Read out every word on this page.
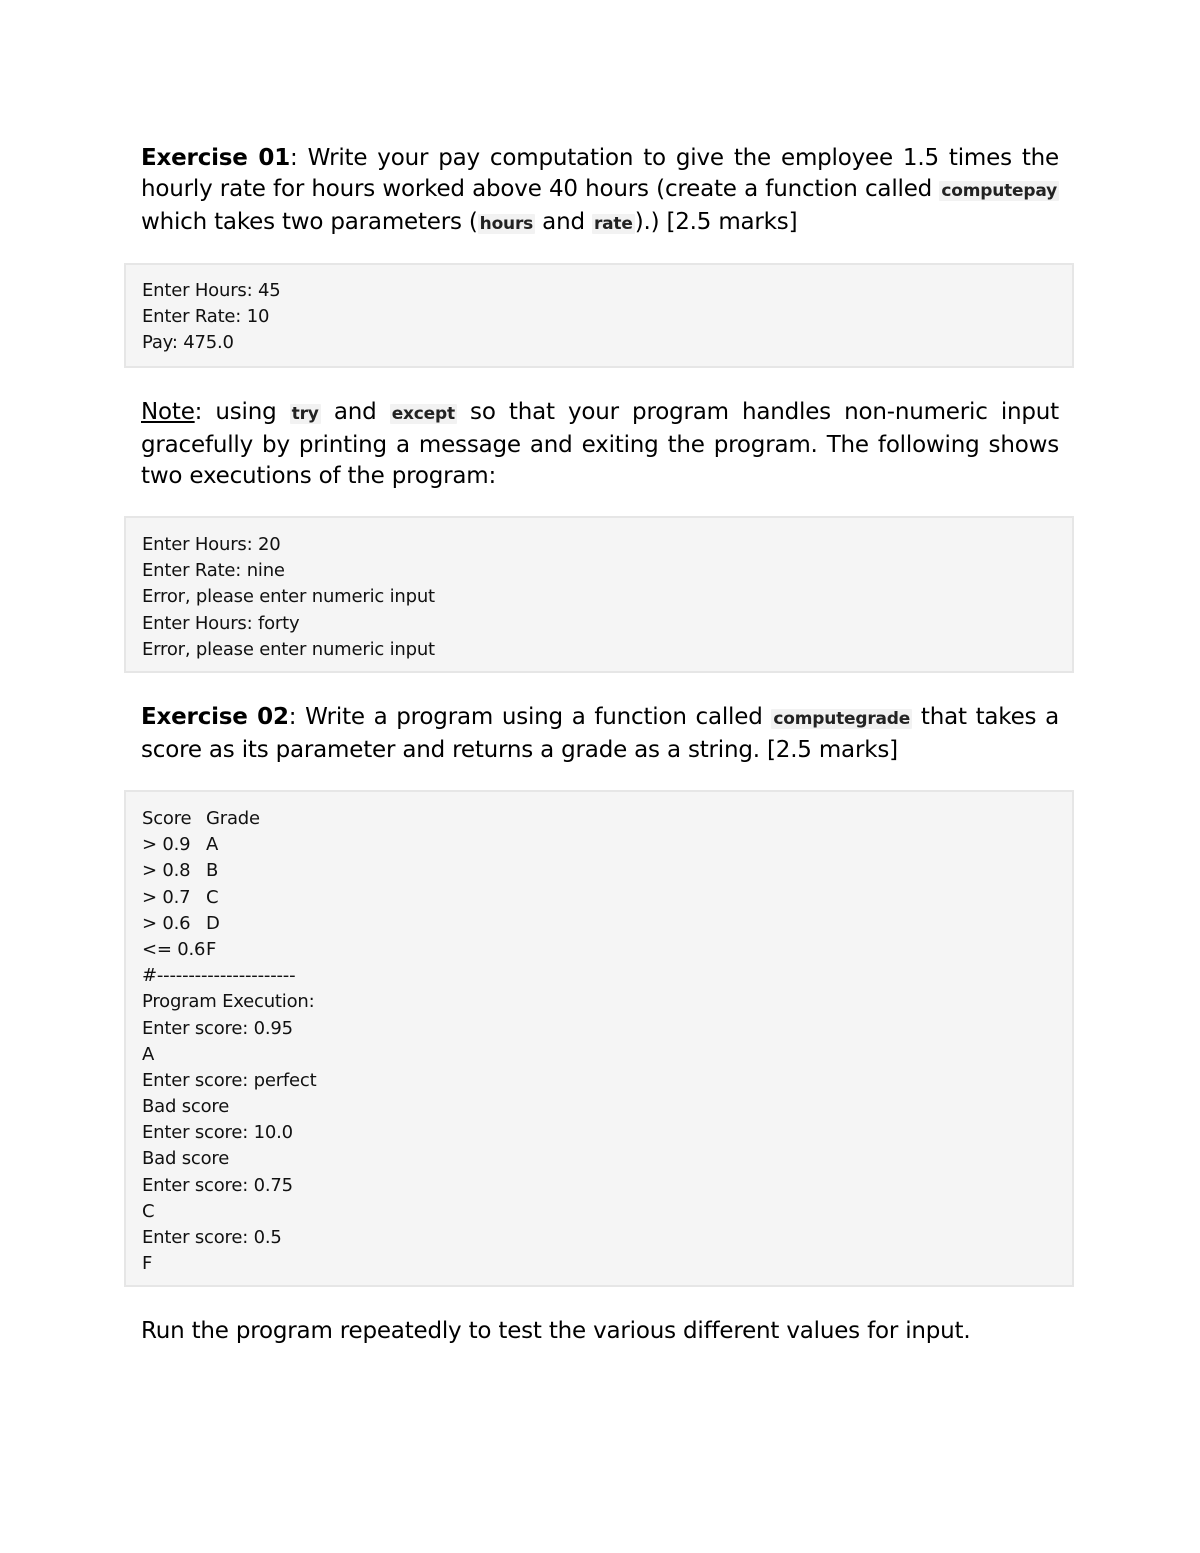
Exercise 01: Write your pay computation to give the employee 1.5 times the hourly rate for hours worked above 40 hours (create a function called computepay which takes two parameters ( hours and rate).) [2.5 marks]
Enter Hours: 45
Enter Rate: 10
Pay: 475.0
Note: using try and except so that your program handles non-numeric input gracefully by printing a message and exiting the program. The following shows two executions of the program:
Enter Hours: 20
Enter Rate: nine
Error, please enter numeric input
Enter Hours: forty
Error, please enter numeric input
Exercise 02: Write a program using a function called computegrade that takes a score as its parameter and returns a grade as a string. [2.5 marks]
Score Grade
> 0.9 A
> 0.8 B
> 0.7 C
> 0.6 D
<= 0.6 F
#----------------------
Program Execution:
Enter score: 0.95
A
Enter score: perfect
Bad score
Enter score: 10.0
Bad score
Enter score: 0.75
C
Enter score: 0.5
F
Run the program repeatedly to test the various different values for input.
